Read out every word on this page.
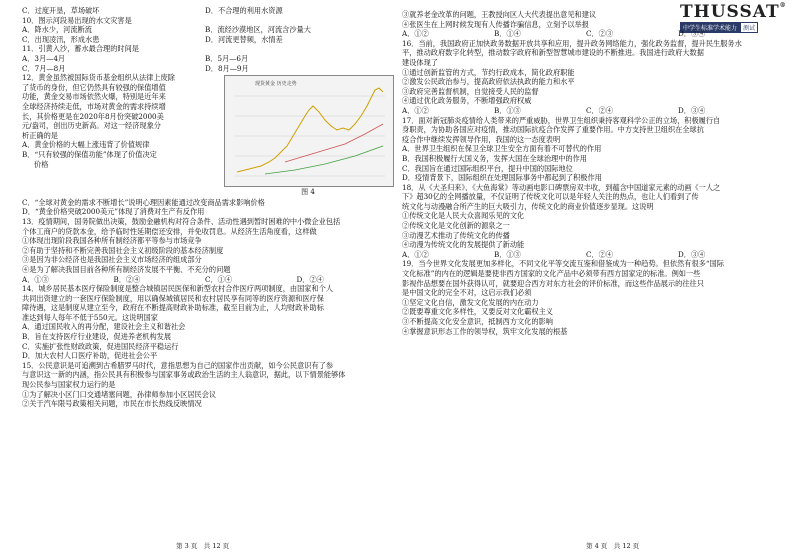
THUSSAT®
中学生标准学术能力	测试
C．过度开垦，草场破坏	D．不合理的利用水资源
10．图示河段易出现的水文灾害是
A．降水少，河流断流	B．流经沙漠地区，河流含沙量大
C．出现凌汛，形成水患	D．河流更替频，水情差
11．引黄入沙，蓄水最合理的时间是
A．3月—4月	B．5月—6月
C．7月—8月	D．8月—9月
12．黄金虽然被国际货币基金组织从法律上废除
了货币的身份，但它仍然具有较强的保值增值
功能，黄金交易市场依然火爆，特别是近年来
全球经济持续走低，市场对黄金的需求持续增
长，其价格更是在2020年8月份突破2000美
元/盎司，创出历史新高。对这一经济现象分
析正确的是
A．黄金价格的大幅上涨违背了价值规律
B．“只有较强的保值功能”体现了价值决定
价格
现货黄金 历史走势
图 4
C．“全球对黄金的需求不断增长”说明心理因素能通过改变商品需求影响价格
D．“黄金价格突破2000美元”体现了消费对生产有反作用
13．疫情期间，国务院做出决策，鼓励金融机构对符合条件、活动性遇到暂时困难的中小微企业包括
个体工商户的贷款本金，给予临时性延期偿还安排，并免收罚息。从经济生活角度看，这样做
①体现出现阶段我国各种所有制经济都平等参与市场竞争
②有助于坚持和不断完善我国社会主义初级阶段的基本经济制度
③是因为非公经济也是我国社会主义市场经济的组成部分
④是为了解决我国目前各种所有制经济发展不平衡、不充分的问题
A．①③	B．②④	C．①④	D．②④
14．城乡居民基本医疗保险制度是整合城镇居民医保和新型农村合作医疗两项制度，由国家和个人
共同出资建立的一套医疗保险制度，用以确保城镇居民和农村居民享有同等的医疗资源和医疗保
障待遇，这是制度从建立至今，政府在不断提高财政补助标准，截至目前为止，人均财政补助标
准达到每人每年不低于550元。这说明国家
A．通过国民收入的再分配，建设社会主义和谐社会
B．旨在支持医疗行业建设，促进养老机构发展
C．实施扩张性财政政策，促进国民经济平稳运行
D．加大农村人口医疗补助，促进社会公平
15．公民意识是可追溯到古希腊罗马时代，意指思想为自己的国家作出贡献，如今公民意识有了参
与意识这一新的内涵，指公民具有积极参与国家事务或政治生活的主人翁意识，据此，以下情景能够体
现公民参与国家权力运行的是
①为了解决小区门口交通堵塞问题，孙律师参加小区居民会议
②关于汽车限号政策相关问题，市民在市长热线反映情况
第 3 页　共 12 页
③就养老金改革的问题，王教授向区人大代表提出意见和建议
④张医生在上网时候发现有人传播诈骗信息，立刻予以举报
A．①②	B．①④	C．②③	D．③④
16．当前，我国政府正加快政务数据开放共享和应用，提升政务网络能力，强化政务监督，提升民生服务水
平，推动政府数字化转型，推动数字政府和新型智慧城市建设的不断推进。我国进行政府大数据
建设体现了
①通过创新监管的方式，节约行政成本，简化政府职能
②激发公民政治参与，提高政府依法执政的能力和水平
③政府完善监督机制，自觉接受人民的监督
④通过优化政务服务，不断增强政府权威
A．①②	B．①③	C．②④	D．③④
17．面对新冠肺炎疫情给人类带来的严重威胁，世界卫生组织秉持客观科学公正的立场，积极履行自
身职责，为协助各国应对疫情，推动国际抗疫合作发挥了重要作用。中方支持世卫组织在全球抗
疫合作中继续发挥领导作用，我国的这一态度表明
A．世界卫生组织在保卫全球卫生安全方面有着不可替代的作用
B．我国积极履行大国义务，发挥大国在全球治理中的作用
C．我国旨在通过国际组织平台，提升中国的国际地位
D．疫情背景下，国际组织在处理国际事务中都起到了积极作用
18．从《大圣归来》、《大鱼海棠》等动画电影口碑票房双丰收，到蕴含中国道家元素的动画《一人之
下》超30亿的全网播放量，不仅证明了传统文化可以是年轻人关注的热点，也让人们看到了传
统文化与动漫融合所产生的巨大吸引力，传统文化的商业价值逐步显现。这说明
①传统文化是人民大众喜闻乐见的文化
②传统文化是文化创新的源泉之一
③动漫艺术推动了传统文化的传播
④动漫为传统文化的发展提供了新动能
A．①②	B．①③	C．②④	D．③④
19．当今世界文化发展更加多样化，不同文化平等交流互鉴和借鉴成为一种趋势。但依然有很多“国际
文化标准”的内在的逻辑是要使非西方国家的文化产品中必须带有西方国家定的标准。例如一些
影视作品想要在国外获得认可，就要迎合西方对东方社会的评价标准，而这些作品展示的往往只
是中国文化的完全不对，这启示我们必须
①坚定文化自信，激发文化发展的内在动力
②既要尊重文化多样性，又要反对文化霸权主义
③不断提高文化安全意识，抵制西方文化的影响
④掌握意识形态工作的领导权，筑牢文化发展的根基
第 4 页　共 12 页
